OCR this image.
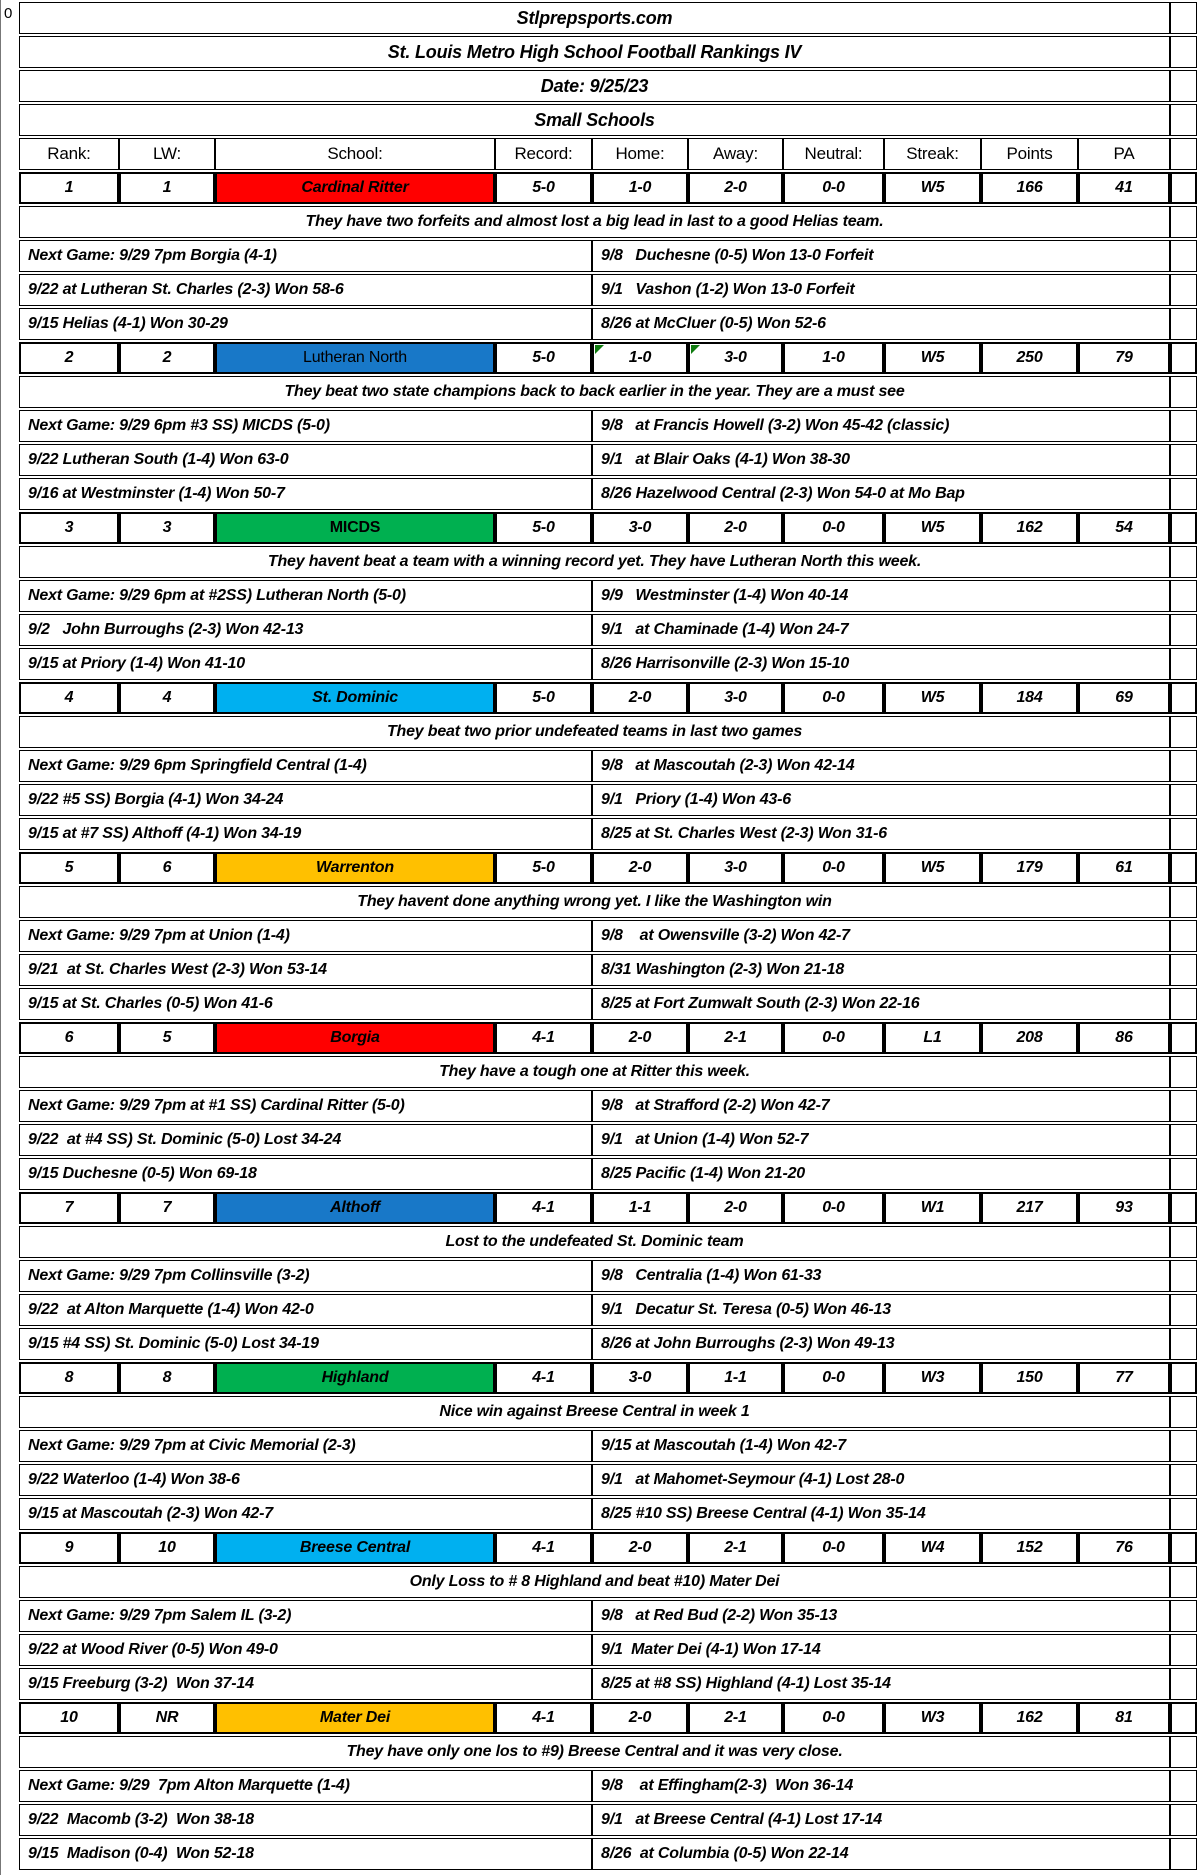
0	Stlprepsports.com
St. Louis Metro High School Football Rankings IV
Date: 9/25/23
Small Schools
Rank:	LW:	School:	Record:	Home:	Away:	Neutral:	Streak:	Points	PA
1	1	Cardinal Ritter	5-0	1-0	2-0	0-0	W5	166	41
They have two forfeits and almost lost a big lead in last to a good Helias team.
Next Game: 9/29 7pm Borgia (4-1)	9/8   Duchesne (0-5) Won 13-0 Forfeit
9/22 at Lutheran St. Charles (2-3) Won 58-6	9/1   Vashon (1-2) Won 13-0 Forfeit
9/15 Helias (4-1) Won 30-29	8/26 at McCluer (0-5) Won 52-6
2	2	Lutheran North	5-0	1-0	3-0	1-0	W5	250	79
They beat two state champions back to back earlier in the year. They are a must see
Next Game: 9/29 6pm #3 SS) MICDS (5-0)	9/8   at Francis Howell (3-2) Won 45-42 (classic)
9/22 Lutheran South (1-4) Won 63-0	9/1   at Blair Oaks (4-1) Won 38-30
9/16 at Westminster (1-4) Won 50-7	8/26 Hazelwood Central (2-3) Won 54-0 at Mo Bap
3	3	MICDS	5-0	3-0	2-0	0-0	W5	162	54
They havent beat a team with a winning record yet. They have Lutheran North this week.
Next Game: 9/29 6pm at #2SS) Lutheran North (5-0)	9/9   Westminster (1-4) Won 40-14
9/2   John Burroughs (2-3) Won 42-13	9/1   at Chaminade (1-4) Won 24-7
9/15 at Priory (1-4) Won 41-10	8/26 Harrisonville (2-3) Won 15-10
4	4	St. Dominic	5-0	2-0	3-0	0-0	W5	184	69
They beat two prior undefeated teams in last two games
Next Game: 9/29 6pm Springfield Central (1-4)	9/8   at Mascoutah (2-3) Won 42-14
9/22 #5 SS) Borgia (4-1) Won 34-24	9/1   Priory (1-4) Won 43-6
9/15 at #7 SS) Althoff (4-1) Won 34-19	8/25 at St. Charles West (2-3) Won 31-6
5	6	Warrenton	5-0	2-0	3-0	0-0	W5	179	61
They havent done anything wrong yet. I like the Washington win
Next Game: 9/29 7pm at Union (1-4)	9/8    at Owensville (3-2) Won 42-7
9/21  at St. Charles West (2-3) Won 53-14	8/31 Washington (2-3) Won 21-18
9/15 at St. Charles (0-5) Won 41-6	8/25 at Fort Zumwalt South (2-3) Won 22-16
6	5	Borgia	4-1	2-0	2-1	0-0	L1	208	86
They have a tough one at Ritter this week.
Next Game: 9/29 7pm at #1 SS) Cardinal Ritter (5-0)	9/8   at Strafford (2-2) Won 42-7
9/22  at #4 SS) St. Dominic (5-0) Lost 34-24	9/1   at Union (1-4) Won 52-7
9/15 Duchesne (0-5) Won 69-18	8/25 Pacific (1-4) Won 21-20
7	7	Althoff	4-1	1-1	2-0	0-0	W1	217	93
Lost to the undefeated St. Dominic team
Next Game: 9/29 7pm Collinsville (3-2)	9/8   Centralia (1-4) Won 61-33
9/22  at Alton Marquette (1-4) Won 42-0	9/1   Decatur St. Teresa (0-5) Won 46-13
9/15 #4 SS) St. Dominic (5-0) Lost 34-19	8/26 at John Burroughs (2-3) Won 49-13
8	8	Highland	4-1	3-0	1-1	0-0	W3	150	77
Nice win against Breese Central in week 1
Next Game: 9/29 7pm at Civic Memorial (2-3)	9/15 at Mascoutah (1-4) Won 42-7
9/22 Waterloo (1-4) Won 38-6	9/1   at Mahomet-Seymour (4-1) Lost 28-0
9/15 at Mascoutah (2-3) Won 42-7	8/25 #10 SS) Breese Central (4-1) Won 35-14
9	10	Breese Central	4-1	2-0	2-1	0-0	W4	152	76
Only Loss to # 8 Highland and beat #10) Mater Dei
Next Game: 9/29 7pm Salem IL (3-2)	9/8   at Red Bud (2-2) Won 35-13
9/22 at Wood River (0-5) Won 49-0	9/1  Mater Dei (4-1) Won 17-14
9/15 Freeburg (3-2)  Won 37-14	8/25 at #8 SS) Highland (4-1) Lost 35-14
10	NR	Mater Dei	4-1	2-0	2-1	0-0	W3	162	81
They have only one los to #9) Breese Central and it was very close.
Next Game: 9/29  7pm Alton Marquette (1-4)	9/8    at Effingham(2-3)  Won 36-14
9/22  Macomb (3-2)  Won 38-18	9/1   at Breese Central (4-1) Lost 17-14
9/15  Madison (0-4)  Won 52-18	8/26  at Columbia (0-5) Won 22-14
